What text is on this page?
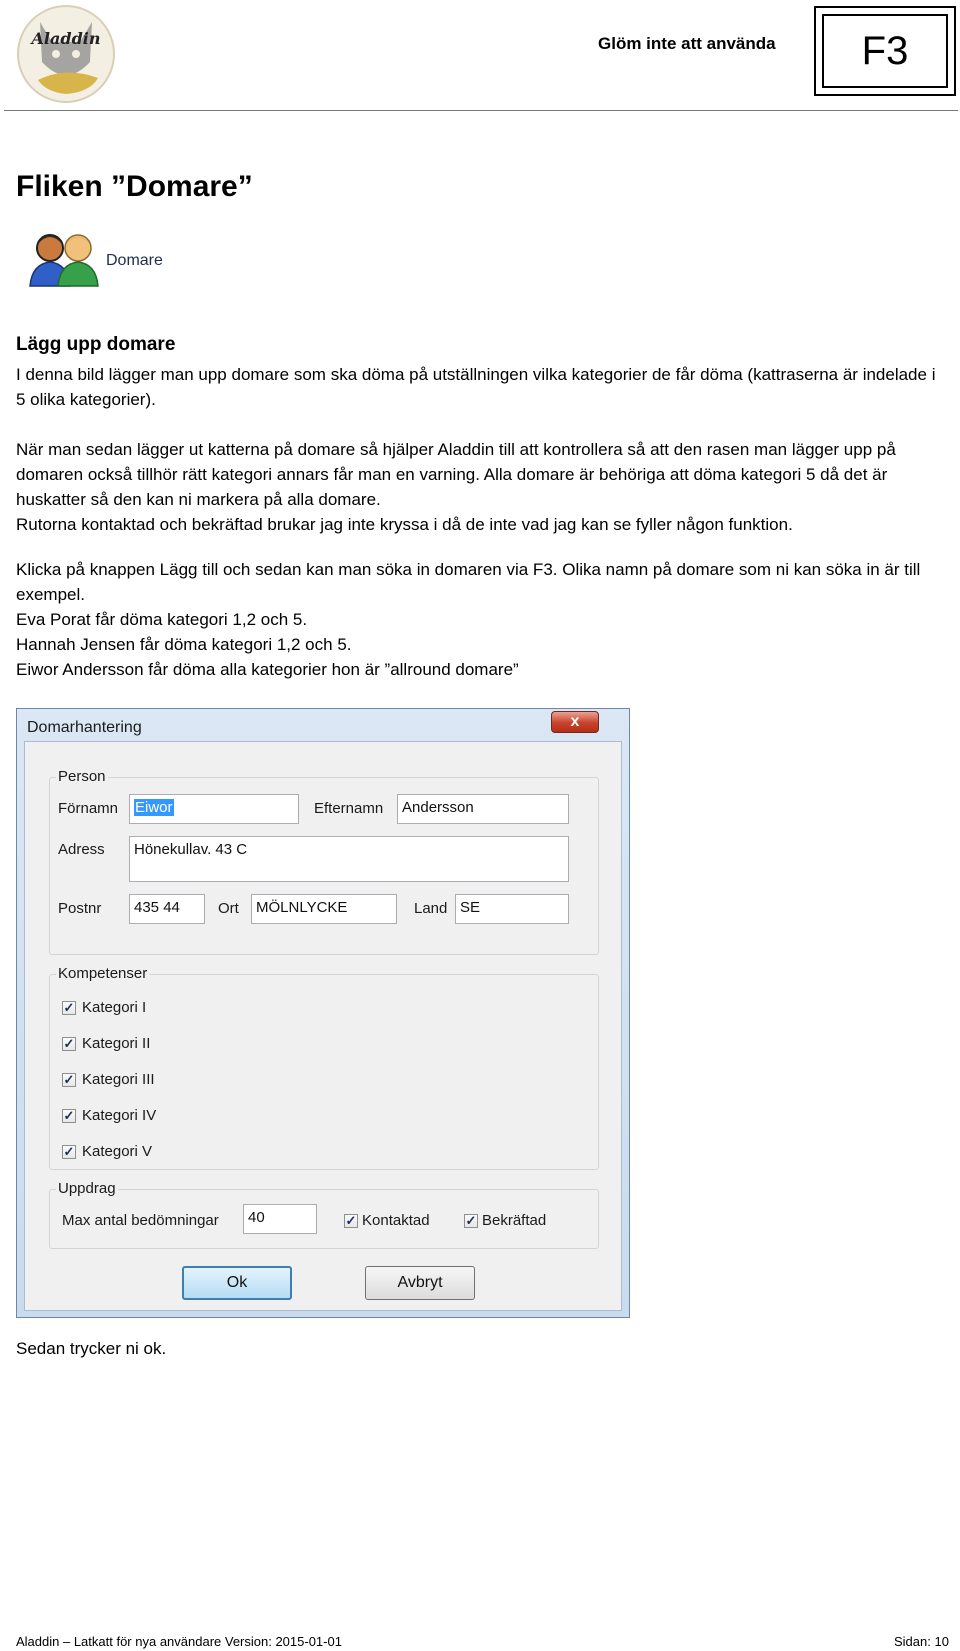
Aladdin	Glöm inte att använda	F3
Fliken ”Domare”
Domare
Lägg upp domare

I denna bild lägger man upp domare som ska döma på utställningen vilka kategorier de får döma (kattraserna är indelade i 5 olika kategorier).

När man sedan lägger ut katterna på domare så hjälper Aladdin till att kontrollera så att den rasen man lägger upp på domaren också tillhör rätt kategori annars får man en varning. Alla domare är behöriga att döma kategori 5 då det är huskatter så den kan ni markera på alla domare.
Rutorna kontaktad och bekräftad brukar jag inte kryssa i då de inte vad jag kan se fyller någon funktion.
Klicka på knappen Lägg till och sedan kan man söka in domaren via F3. Olika namn på domare som ni kan söka in är till exempel.
Eva Porat får döma kategori 1,2 och 5.
Hannah Jensen får döma kategori 1,2 och 5.
Eiwor Andersson får döma alla kategorier hon är ”allround domare”
Domarhantering	x
Person
Förnamn	Eiwor	Efternamn	Andersson
Adress	Hönekullav. 43 C
Postnr	435 44	Ort	MÖLNLYCKE	Land SE
Kompetenser
✓ Kategori I
✓ Kategori II
✓ Kategori III
✓ Kategori IV
✓ Kategori V
Uppdrag
Max antal bedömningar	40	✓ Kontaktad	✓ Bekräftad
Ok	Avbryt
Sedan trycker ni ok.
Aladdin – Latkatt för nya användare Version: 2015-01-01	Sidan: 10
